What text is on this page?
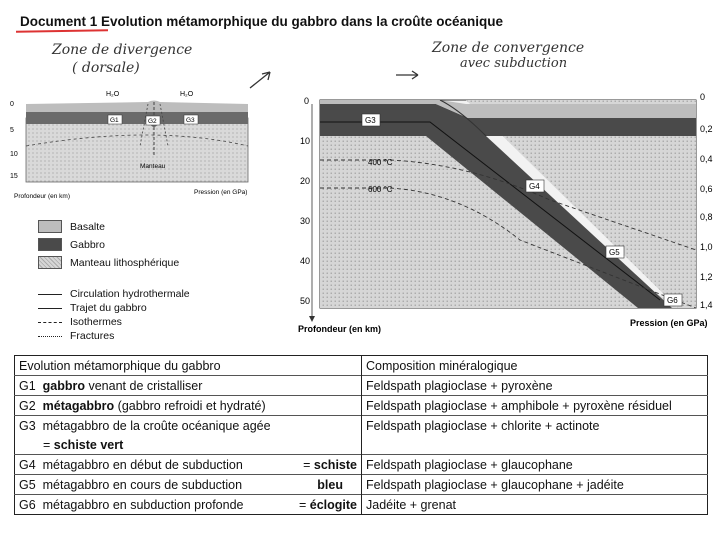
Document 1 Evolution métamorphique du gabbro dans la croûte océanique
Zone de divergence
( dorsale)
Zone de convergence
avec subduction
0
5
10
15
H₂O	H₂O
G1	G2	G3
Manteau
Profondeur (en km)
Pression (en GPa)
400 °C
600 °C
G3
G4
G5
G6
0
10
20
30
40
50
0
0,2
0,4
0,6
0,8
1,0
1,2
1,4
Profondeur (en km)
Pression (en GPa)
Basalte
Gabbro
Manteau lithosphérique
Circulation hydrothermale
Trajet du gabbro
Isothermes
Fractures
Evolution métamorphique du gabbro	Composition minéralogique
G1 gabbro venant de cristalliser	Feldspath plagioclase + pyroxène
G2 métagabbro (gabbro refroidi et hydraté)	Feldspath plagioclase + amphibole + pyroxène résiduel
G3 métagabbro de la croûte océanique agée	Feldspath plagioclase + chlorite + actinote
= schiste vert	
G4 métagabbro en début de subduction = schiste	Feldspath plagioclase + glaucophane
G5 métagabbro en cours de subduction bleu	Feldspath plagioclase + glaucophane + jadéite
G6 métagabbro en subduction profonde = éclogite	Jadéite + grenat
